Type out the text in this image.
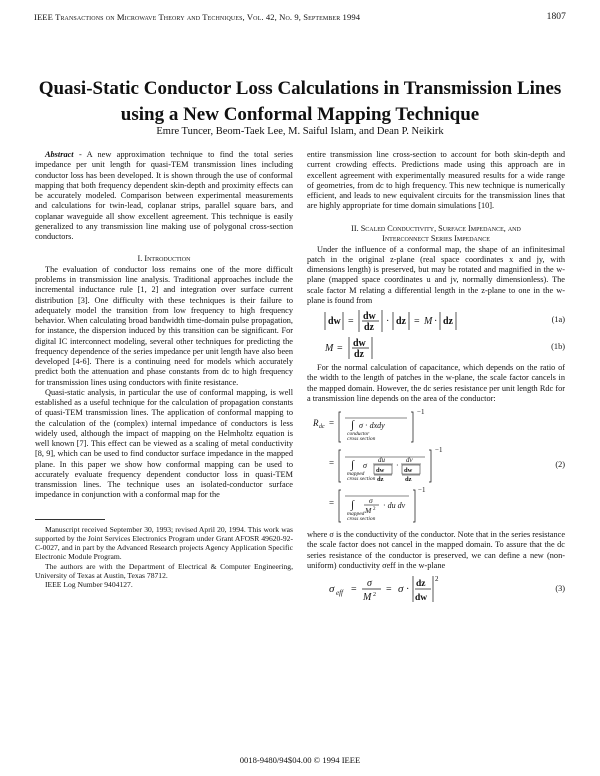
IEEE Transactions on Microwave Theory and Techniques, Vol. 42, No. 9, September 1994	1807
Quasi-Static Conductor Loss Calculations in Transmission Lines
using a New Conformal Mapping Technique
Emre Tuncer, Beom-Taek Lee, M. Saiful Islam, and Dean P. Neikirk

Abstract - A new approximation technique to find the total series impedance per unit length for quasi-TEM transmission lines including conductor loss has been developed. It is shown through the use of conformal mapping that both frequency dependent skin-depth and proximity effects can be accurately modeled. Comparison between experimental measurements and calculations for twin-lead, coplanar strips, parallel square bars, and coplanar waveguide all show excellent agreement. This technique is easily generalized to any transmission line making use of polygonal cross-section conductors.

I. Introduction

The evaluation of conductor loss remains one of the more difficult problems in transmission line analysis. Traditional approaches include the incremental inductance rule [1, 2] and integration over surface current distribution [3]. One difficulty with these techniques is their failure to adequately model the transition from low frequency to high frequency behavior. When calculating broad bandwidth time-domain pulse propagation, for instance, the dispersion induced by this transition can be significant. For digital IC interconnect modeling, several other techniques for predicting the frequency dependence of the series impedance per unit length have also been developed [4-6]. There is a continuing need for models which accurately predict both the attenuation and phase constants from dc to high frequency for transmission lines using conductors with finite resistance.

Quasi-static analysis, in particular the use of conformal mapping, is well established as a useful technique for the calculation of propagation constants of quasi-TEM transmission lines. The application of conformal mapping to the calculation of the (complex) internal impedance of conductors is less widely used, although the impact of mapping on the Helmholtz equation is well known [7]. This effect can be viewed as a scaling of metal conductivity [8, 9], which can be used to find conductor surface impedance in the mapped plane. In this paper we show how conformal mapping can be used to accurately evaluate frequency dependent conductor loss in quasi-TEM transmission lines. The technique uses an isolated-conductor surface impedance in conjunction with a conformal map for the

Manuscript received September 30, 1993; revised April 20, 1994. This work was supported by the Joint Services Electronics Program under Grant AFOSR 49620-92-C-0027, and in part by the Advanced Research projects Agency Application Specific Electronic Module Program.

The authors are with the Department of Electrical & Computer Engineering, University of Texas at Austin, Texas 78712.

IEEE Log Number 9404127.

entire transmission line cross-section to account for both skin-depth and current crowding effects. Predictions made using this approach are in excellent agreement with experimentally measured results for a wide range of geometries, from dc to high frequency. This new technique is numerically efficient, and leads to new equivalent circuits for the transmission lines that are highly appropriate for time domain simulations [10].

II. Scaled Conductivity, Surface Impedance, and
Interconnect Series Impedance

Under the influence of a conformal map, the shape of an infinitesimal patch in the original z-plane (real space coordinates x and jy, with dimensions length) is preserved, but may be rotated and magnified in the w-plane (mapped space coordinates u and jv, normally dimensionless). The scale factor M relating a differential length in the z-plane to one in the w-plane is found from

dw = dw
dz
· dz = M · dz	(1a)
M = dw
dz
(1b)

For the normal calculation of capacitance, which depends on the ratio of the width to the length of patches in the w-plane, the scale factor cancels in the mapped domain. However, the dc series resistance per unit length Rdc for a transmission line depends on the area of the conductor:

R dc = ∫ σ · dxdy
conductor
cross section
−1
= ∫ σ
du
dw
dz
·
dv
dw
dz
mapped
cross section
−1
= ∫ σ
M 2 · du dv
mapped
cross section
−1
(2)

where σ is the conductivity of the conductor. Note that in the series resistance the scale factor does not cancel in the mapped domain. To assure that the dc series resistance of the conductor is preserved, we can define a new (non-uniform) conductivity σeff in the w-plane

σ eff =
σ
M 2 = σ · dz
dw
2
(3)
0018-9480/94$04.00 © 1994 IEEE
